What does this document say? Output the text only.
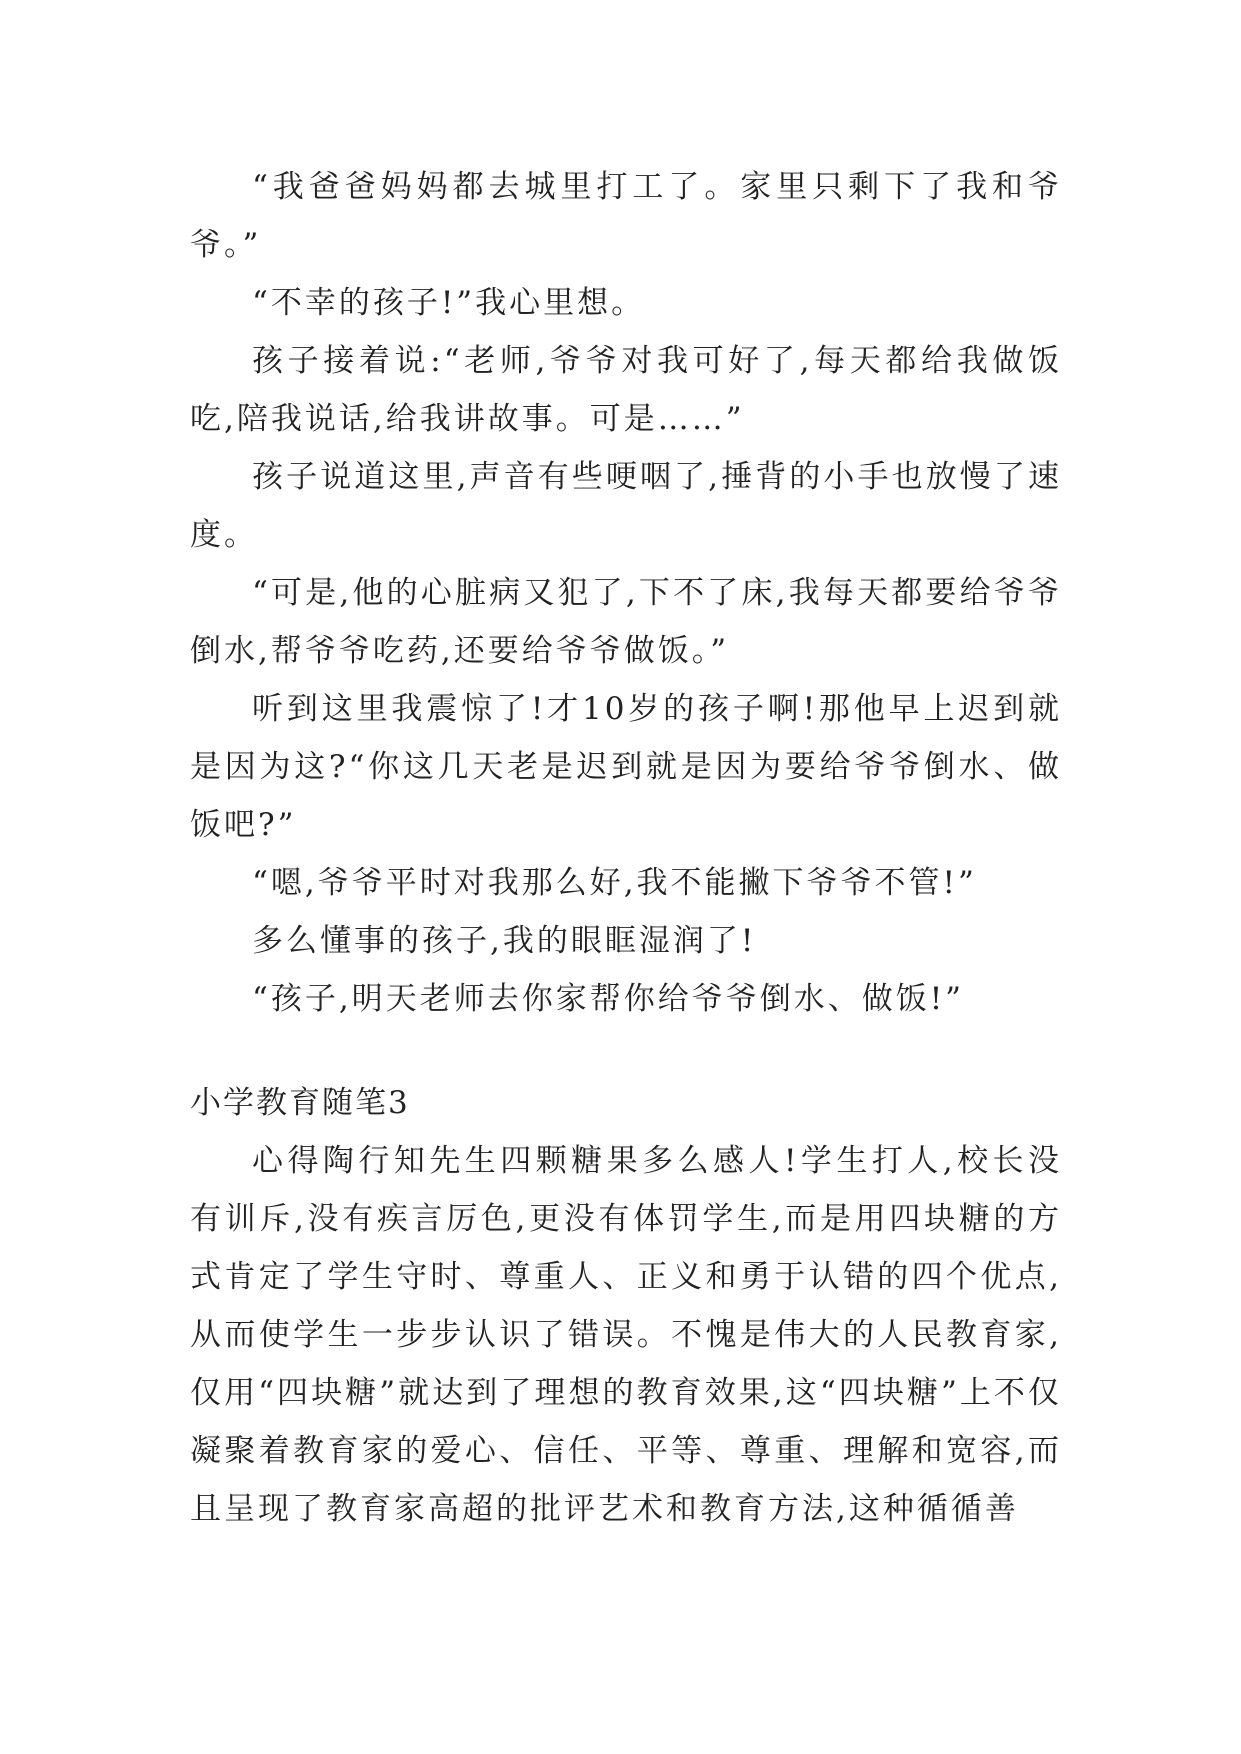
“我爸爸妈妈都去城里打工了。家里只剩下了我和爷爷。”

“不幸的孩子!”我心里想。

孩子接着说:“老师,爷爷对我可好了,每天都给我做饭吃,陪我说话,给我讲故事。可是……”

孩子说道这里,声音有些哽咽了,捶背的小手也放慢了速度。

“可是,他的心脏病又犯了,下不了床,我每天都要给爷爷倒水,帮爷爷吃药,还要给爷爷做饭。”

听到这里我震惊了!才10岁的孩子啊!那他早上迟到就是因为这?“你这几天老是迟到就是因为要给爷爷倒水、做饭吧?”

“嗯,爷爷平时对我那么好,我不能撇下爷爷不管!”

多么懂事的孩子,我的眼眶湿润了!

“孩子,明天老师去你家帮你给爷爷倒水、做饭!”

小学教育随笔3

心得陶行知先生四颗糖果多么感人!学生打人,校长没有训斥,没有疾言厉色,更没有体罚学生,而是用四块糖的方式肯定了学生守时、尊重人、正义和勇于认错的四个优点,从而使学生一步步认识了错误。不愧是伟大的人民教育家,仅用“四块糖”就达到了理想的教育效果,这“四块糖”上不仅凝聚着教育家的爱心、信任、平等、尊重、理解和宽容,而且呈现了教育家高超的批评艺术和教育方法,这种循循善
